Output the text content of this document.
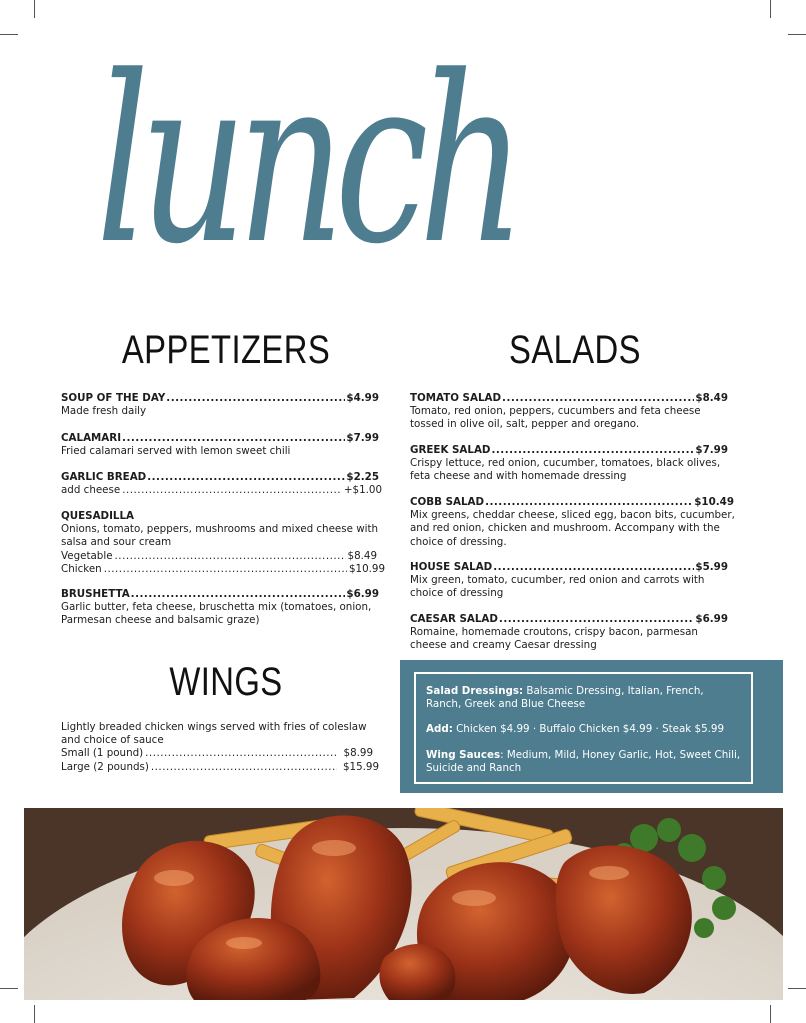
lunch
APPETIZERS
SOUP OF THE DAY .....	$4.99
Made fresh daily
CALAMARI .....	$7.99
Fried calamari served with lemon sweet chili
GARLIC BREAD .....	$2.25
add cheese .....	+$1.00
QUESADILLA
Onions, tomato, peppers, mushrooms and mixed cheese with salsa and sour cream
Vegetable .....	$8.49
Chicken .....	$10.99
BRUSHETTA .....	$6.99
Garlic butter, feta cheese, bruschetta mix (tomatoes, onion, Parmesan cheese and balsamic graze)
WINGS
Lightly breaded chicken wings served with fries of coleslaw and choice of sauce
Small (1 pound) .....	$8.99
Large (2 pounds) .....	$15.99
SALADS
TOMATO SALAD .....	$8.49
Tomato, red onion, peppers, cucumbers and feta cheese tossed in olive oil, salt, pepper and oregano.
GREEK SALAD .....	$7.99
Crispy lettuce, red onion, cucumber, tomatoes, black olives, feta cheese and with homemade dressing
COBB SALAD .....	$10.49
Mix greens, cheddar cheese, sliced egg, bacon bits, cucumber, and red onion, chicken and mushroom. Accompany with the choice of dressing.
HOUSE SALAD .....	$5.99
Mix green, tomato, cucumber, red onion and carrots with choice of dressing
CAESAR SALAD .....	$6.99
Romaine, homemade croutons, crispy bacon, parmesan cheese and creamy Caesar dressing

Salad Dressings: Balsamic Dressing, Italian, French, Ranch, Greek and Blue Cheese

Add: Chicken $4.99 · Buffalo Chicken $4.99 · Steak $5.99

Wing Sauces: Medium, Mild, Honey Garlic, Hot, Sweet Chili, Suicide and Ranch
